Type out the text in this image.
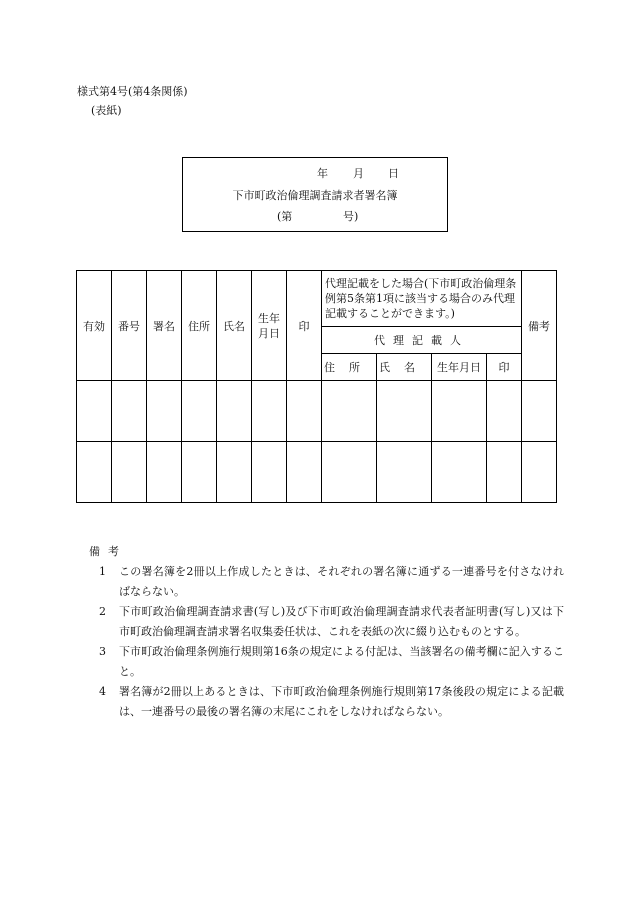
様式第4号(第4条関係)
(表紙)
年 月 日
下市町政治倫理調査請求者署名簿
(第	号)
有効	番号	署名	住所	氏名	生年月日	印	代理記載をした場合(下市町政治倫理条例第5条第1項に該当する場合のみ代理記載することができます。)				備考
							代理記載人				
							住所	氏名	生年月日	印	

備考
1 この署名簿を2冊以上作成したときは、それぞれの署名簿に通ずる一連番号を付さなければならない。
2 下市町政治倫理調査請求書(写し)及び下市町政治倫理調査請求代表者証明書(写し)又は下市町政治倫理調査請求署名収集委任状は、これを表紙の次に綴り込むものとする。
3 下市町政治倫理条例施行規則第16条の規定による付記は、当該署名の備考欄に記入すること。
4 署名簿が2冊以上あるときは、下市町政治倫理条例施行規則第17条後段の規定による記載は、一連番号の最後の署名簿の末尾にこれをしなければならない。
